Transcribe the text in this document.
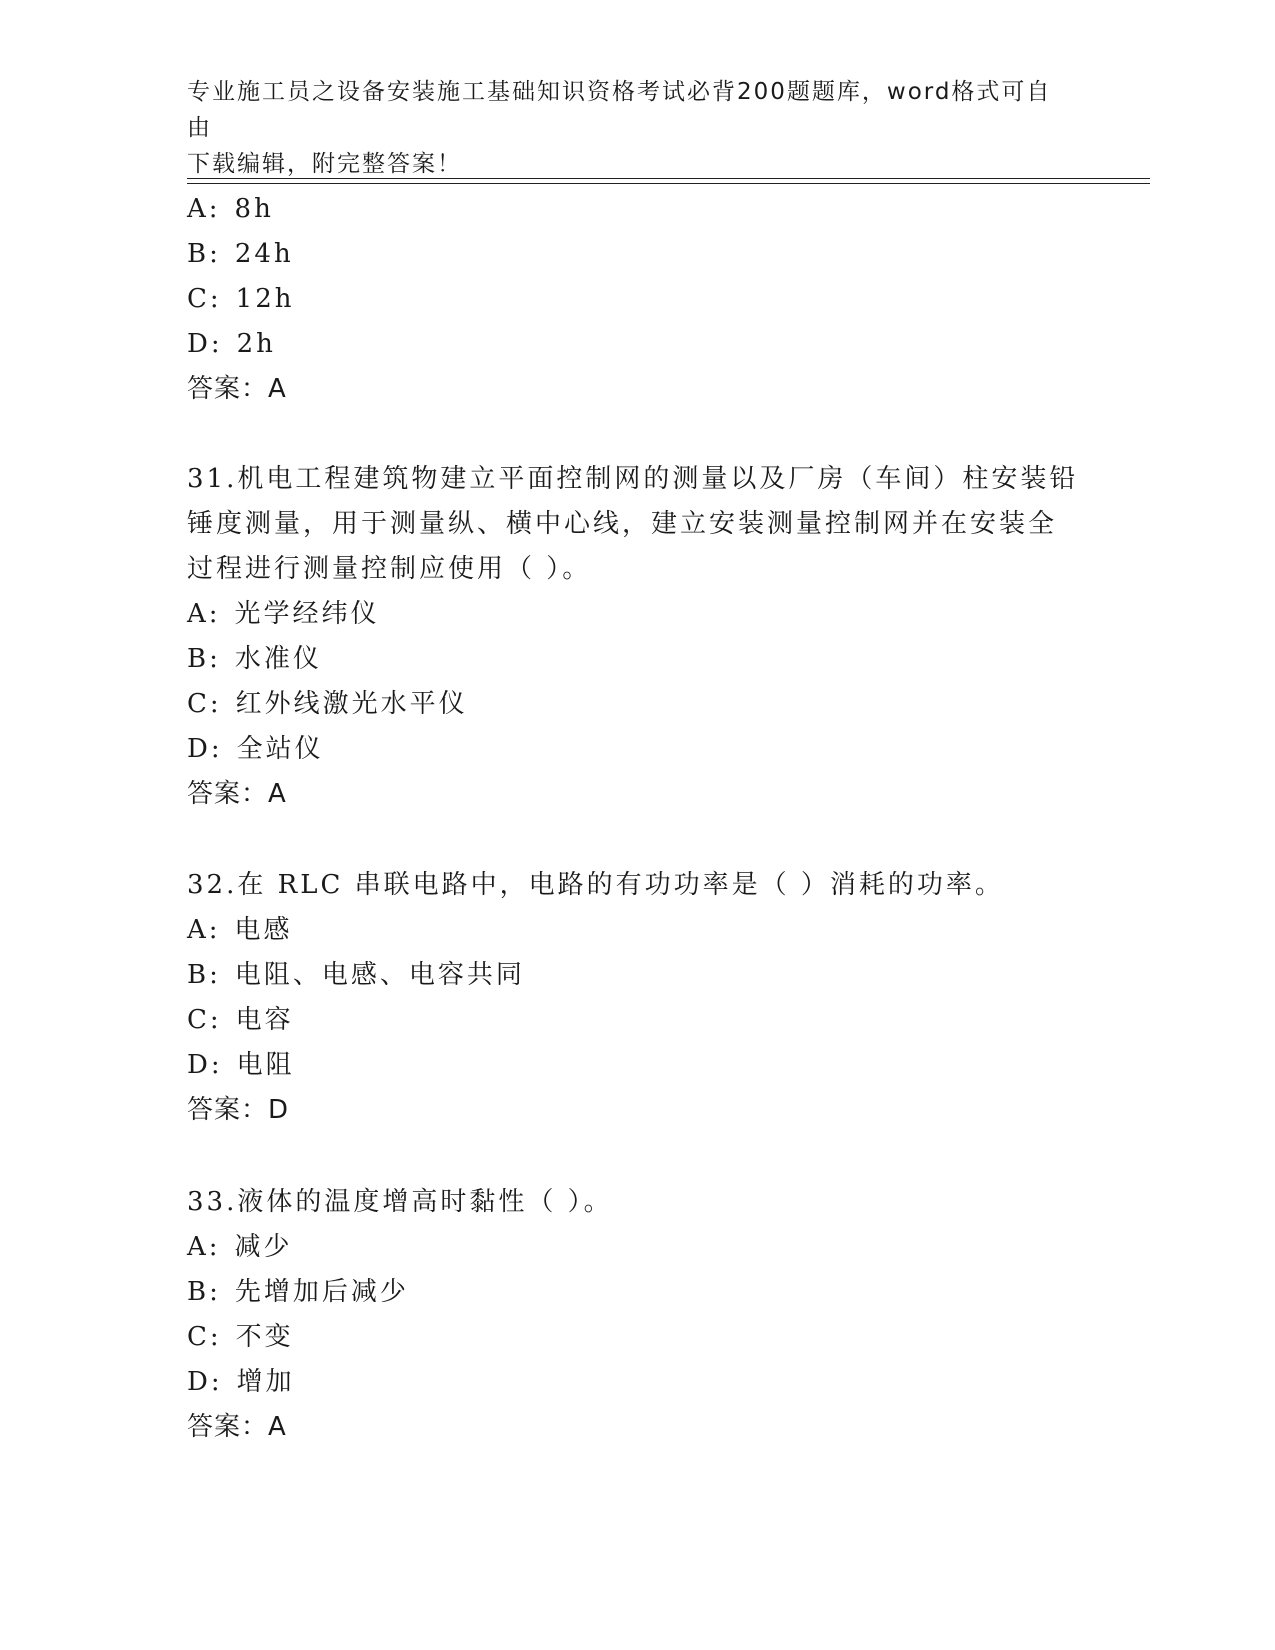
专业施工员之设备安装施工基础知识资格考试必背200题题库，word格式可自由
下载编辑，附完整答案！
A: 8h
B: 24h
C: 12h
D: 2h
答案：A
31.机电工程建筑物建立平面控制网的测量以及厂房（车间）柱安装铅
锤度测量，用于测量纵、横中心线，建立安装测量控制网并在安装全
过程进行测量控制应使用（ ）。
A: 光学经纬仪
B: 水准仪
C: 红外线激光水平仪
D: 全站仪
答案：A
32.在 RLC 串联电路中，电路的有功功率是（ ）消耗的功率。
A: 电感
B: 电阻、电感、电容共同
C: 电容
D: 电阻
答案：D
33.液体的温度增高时黏性（ ）。
A: 减少
B: 先增加后减少
C: 不变
D: 增加
答案：A
